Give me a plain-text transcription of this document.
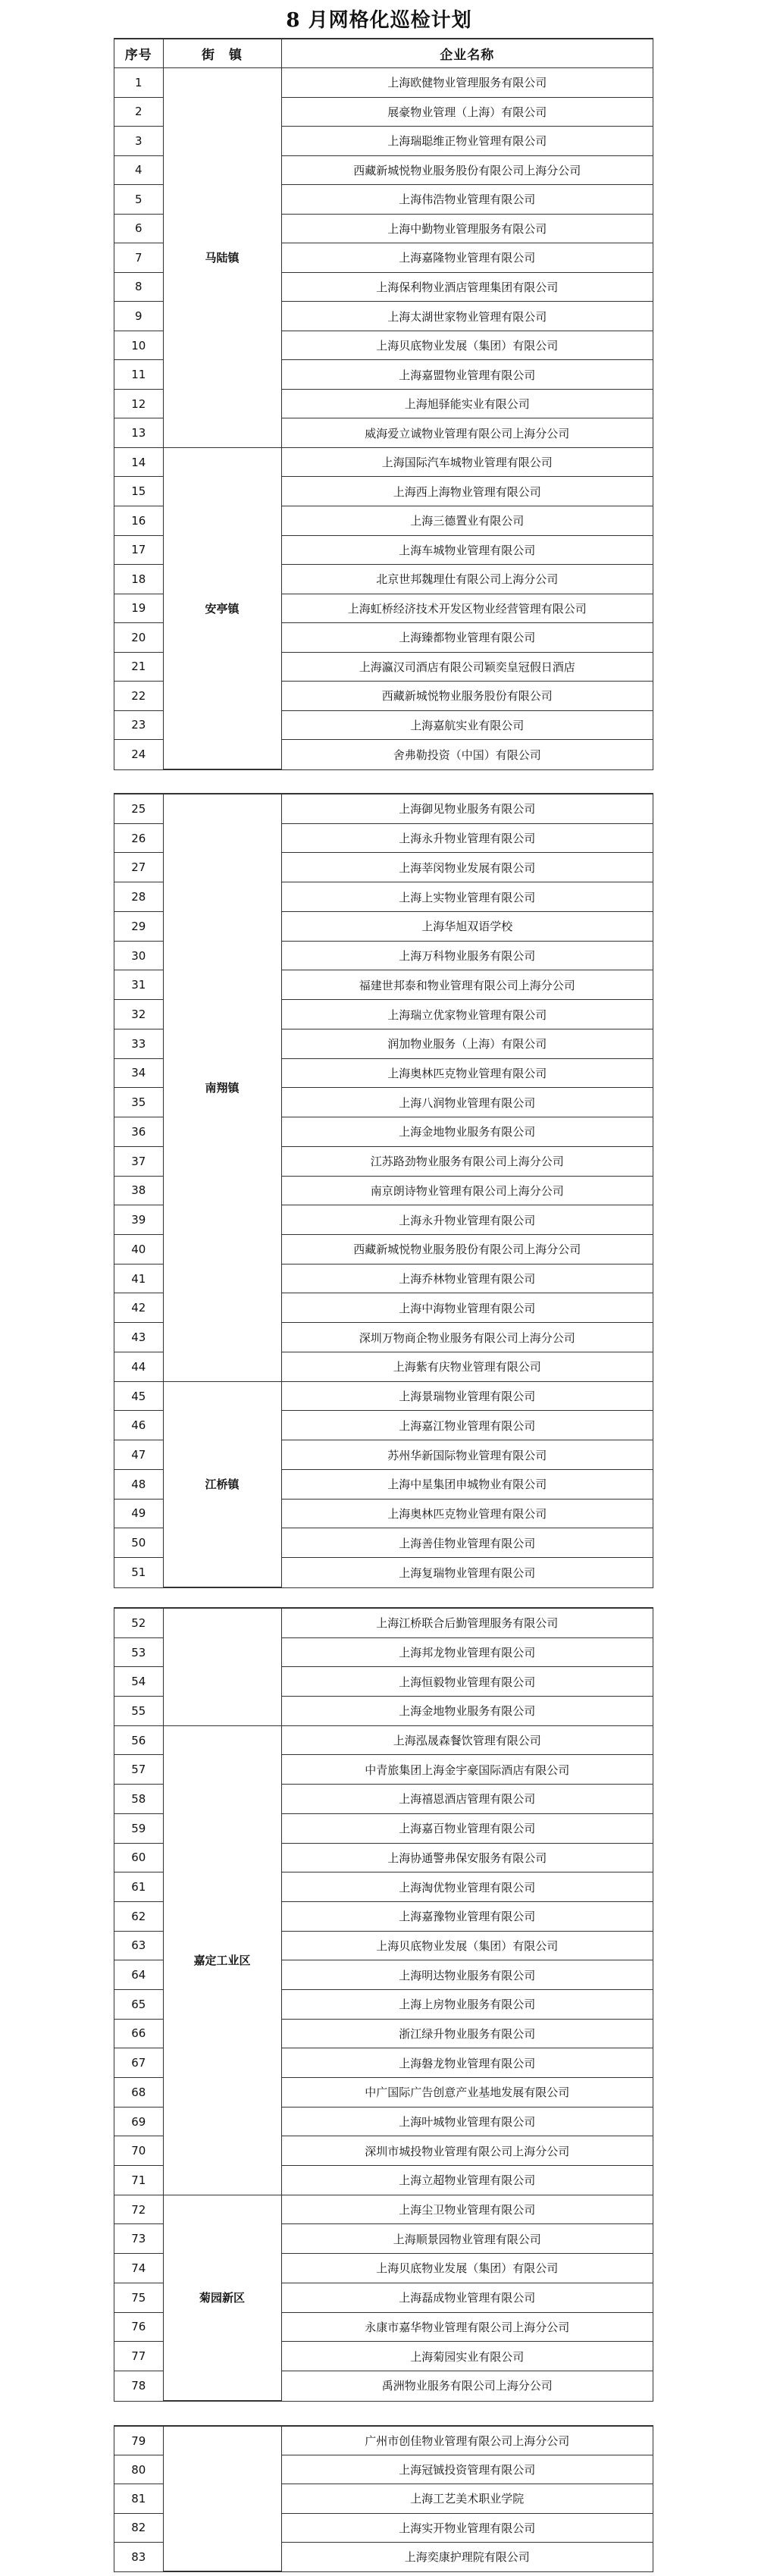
8 月网格化巡检计划
序号	街　镇	企业名称
1	马陆镇	上海欧健物业管理服务有限公司
2		展豪物业管理（上海）有限公司
3		上海瑞聪维正物业管理有限公司
4		西藏新城悦物业服务股份有限公司上海分公司
5		上海伟浩物业管理有限公司
6		上海中勤物业管理服务有限公司
7		上海嘉隆物业管理有限公司
8		上海保利物业酒店管理集团有限公司
9		上海太湖世家物业管理有限公司
10		上海贝底物业发展（集团）有限公司
11		上海嘉盟物业管理有限公司
12		上海旭驿能实业有限公司
13		威海爱立诚物业管理有限公司上海分公司
14	安亭镇	上海国际汽车城物业管理有限公司
15		上海西上海物业管理有限公司
16		上海三德置业有限公司
17		上海车城物业管理有限公司
18		北京世邦魏理仕有限公司上海分公司
19		上海虹桥经济技术开发区物业经营管理有限公司
20		上海臻都物业管理有限公司
21		上海瀛汉司酒店有限公司颖奕皇冠假日酒店
22		西藏新城悦物业服务股份有限公司
23		上海嘉航实业有限公司
24		舍弗勒投资（中国）有限公司
25	南翔镇	上海御见物业服务有限公司
26		上海永升物业管理有限公司
27		上海莘闵物业发展有限公司
28		上海上实物业管理有限公司
29		上海华旭双语学校
30		上海万科物业服务有限公司
31		福建世邦泰和物业管理有限公司上海分公司
32		上海瑞立优家物业管理有限公司
33		润加物业服务（上海）有限公司
34		上海奥林匹克物业管理有限公司
35		上海八润物业管理有限公司
36		上海金地物业服务有限公司
37		江苏路劲物业服务有限公司上海分公司
38		南京朗诗物业管理有限公司上海分公司
39		上海永升物业管理有限公司
40		西藏新城悦物业服务股份有限公司上海分公司
41		上海乔林物业管理有限公司
42		上海中海物业管理有限公司
43		深圳万物商企物业服务有限公司上海分公司
44		上海紫有庆物业管理有限公司
45	江桥镇	上海景瑞物业管理有限公司
46		上海嘉江物业管理有限公司
47		苏州华新国际物业管理有限公司
48		上海中星集团申城物业有限公司
49		上海奥林匹克物业管理有限公司
50		上海善佳物业管理有限公司
51		上海复瑞物业管理有限公司
52		上海江桥联合后勤管理服务有限公司
53		上海邦龙物业管理有限公司
54		上海恒毅物业管理有限公司
55		上海金地物业服务有限公司
56	嘉定工业区	上海泓晟森餐饮管理有限公司
57		中青旅集团上海金宇豪国际酒店有限公司
58		上海禧恩酒店管理有限公司
59		上海嘉百物业管理有限公司
60		上海协通警弗保安服务有限公司
61		上海淘优物业管理有限公司
62		上海嘉豫物业管理有限公司
63		上海贝底物业发展（集团）有限公司
64		上海明达物业服务有限公司
65		上海上房物业服务有限公司
66		浙江绿升物业服务有限公司
67		上海磐龙物业管理有限公司
68		中广国际广告创意产业基地发展有限公司
69		上海叶城物业管理有限公司
70		深圳市城投物业管理有限公司上海分公司
71		上海立超物业管理有限公司
72	菊园新区	上海尘卫物业管理有限公司
73		上海顺景园物业管理有限公司
74		上海贝底物业发展（集团）有限公司
75		上海磊成物业管理有限公司
76		永康市嘉华物业管理有限公司上海分公司
77		上海菊园实业有限公司
78		禹洲物业服务有限公司上海分公司
79		广州市创佳物业管理有限公司上海分公司
80		上海冠铖投资管理有限公司
81		上海工艺美术职业学院
82		上海实开物业管理有限公司
83		上海奕康护理院有限公司
